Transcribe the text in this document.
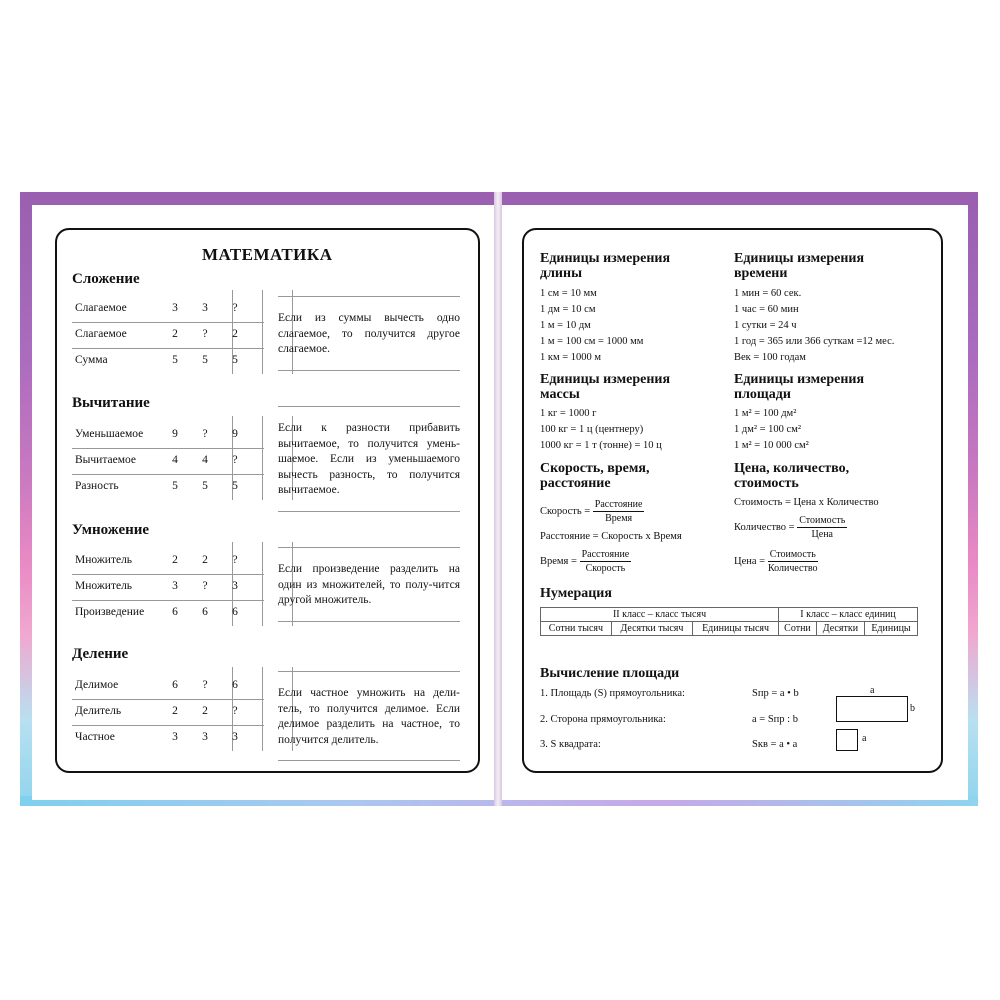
МАТЕМАТИКА
Сложение
Слагаемое	3	3	?
Слагаемое	2	?	2
Сумма	5	5	5
Если из суммы вычесть одно слагаемое, то получится другое слагаемое.
Вычитание
Уменьшаемое	9	?	9
Вычитаемое	4	4	?
Разность	5	5	5
Если к разности прибавить вычитаемое, то получится умень-шаемое. Если из уменьшаемого вычесть разность, то получится вычитаемое.
Умножение
Множитель	2	2	?
Множитель	3	?	3
Произведение	6	6	6
Если произведение разделить на один из множителей, то полу-чится другой множитель.
Деление
Делимое	6	?	6
Делитель	2	2	?
Частное	3	3	3
Если частное умножить на дели-тель, то получится делимое. Если делимое разделить на частное, то получится делитель.
Единицы измерения
длины
1 см = 10 мм
1 дм = 10 см
1 м = 10 дм
1 м = 100 см = 1000 мм
1 км = 1000 м
Единицы измерения
времени
1 мин = 60 сек.
1 час = 60 мин
1 сутки = 24 ч
1 год = 365 или 366 суткам =12 мес.
Век = 100 годам
Единицы измерения
массы
1 кг = 1000 г
100 кг = 1 ц (центнеру)
1000 кг = 1 т (тонне) = 10 ц
Единицы измерения
площади
1 м² = 100 дм²
1 дм² = 100 см²
1 м² = 10 000 см²
Скорость, время,
расстояние
Скорость = $\frac{\text{Расстояние}}{\text{Время}}$
Расстояние = Скорость х Время
Время = $\frac{\text{Расстояние}}{\text{Скорость}}$
Цена, количество,
стоимость
Стоимость = Цена х Количество
Количество = $\frac{\text{Стоимость}}{\text{Цена}}$
Цена = $\frac{\text{Стоимость}}{\text{Количество}}$
Нумерация
II класс – класс тысяч			I класс – класс единиц		
Сотни тысяч	Десятки тысяч	Единицы тысяч	Сотни	Десятки	Единицы
Вычисление площади
1. Площадь (S) прямоугольника:	Sпр = a • b
2. Сторона прямоугольника:	a = Sпр : b
3. S квадрата:	Sкв = a • a
a
b
a
